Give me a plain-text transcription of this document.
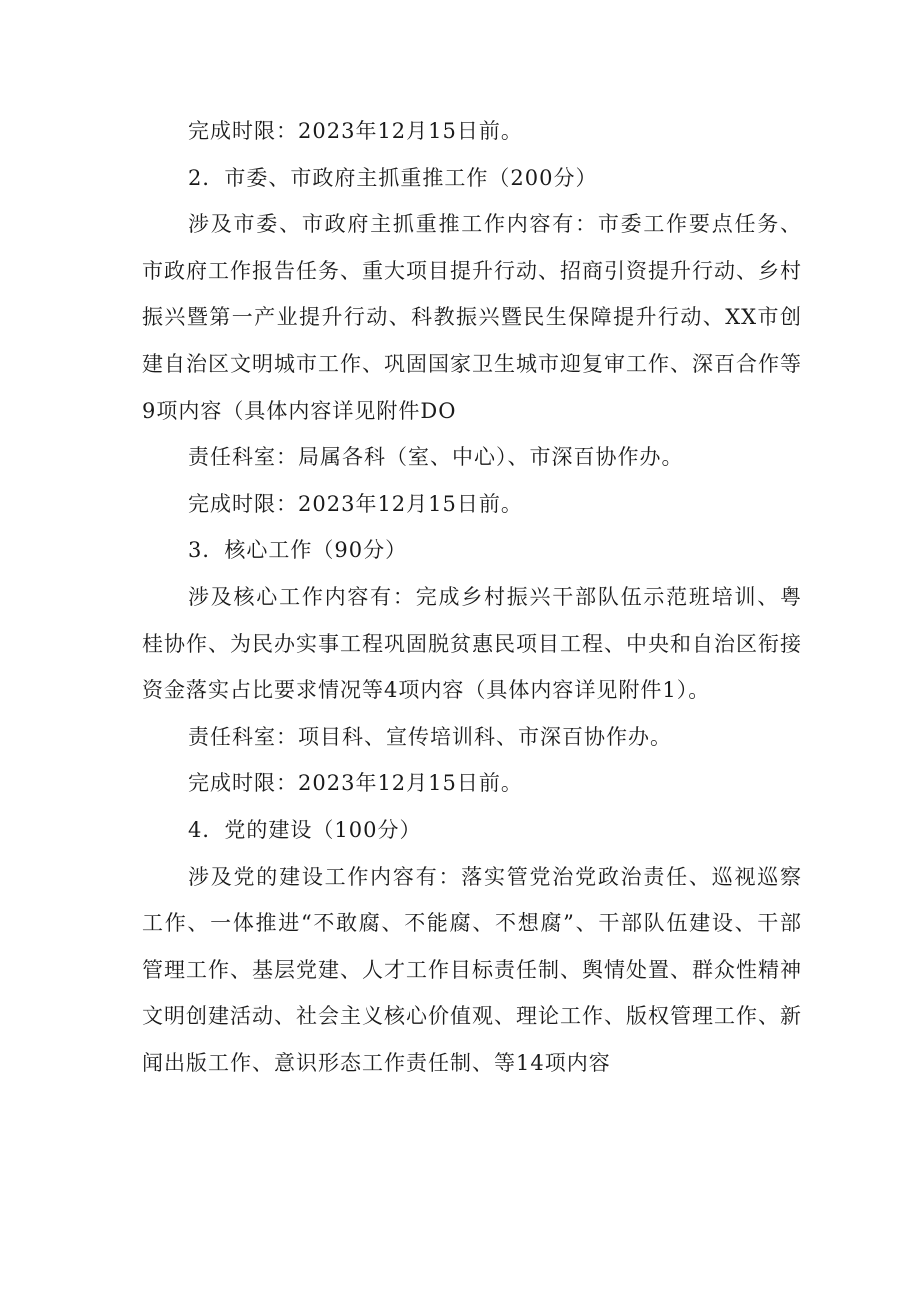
完成时限：2023年12月15日前。

2．市委、市政府主抓重推工作（200分）

涉及市委、市政府主抓重推工作内容有：市委工作要点任务、市政府工作报告任务、重大项目提升行动、招商引资提升行动、乡村振兴暨第一产业提升行动、科教振兴暨民生保障提升行动、XX市创建自治区文明城市工作、巩固国家卫生城市迎复审工作、深百合作等9项内容（具体内容详见附件DO

责任科室：局属各科（室、中心）、市深百协作办。

完成时限：2023年12月15日前。

3．核心工作（90分）

涉及核心工作内容有：完成乡村振兴干部队伍示范班培训、粤桂协作、为民办实事工程巩固脱贫惠民项目工程、中央和自治区衔接资金落实占比要求情况等4项内容（具体内容详见附件1）。

责任科室：项目科、宣传培训科、市深百协作办。

完成时限：2023年12月15日前。

4．党的建设（100分）

涉及党的建设工作内容有：落实管党治党政治责任、巡视巡察工作、一体推进“不敢腐、不能腐、不想腐”、干部队伍建设、干部管理工作、基层党建、人才工作目标责任制、舆情处置、群众性精神文明创建活动、社会主义核心价值观、理论工作、版权管理工作、新闻出版工作、意识形态工作责任制、等14项内容
